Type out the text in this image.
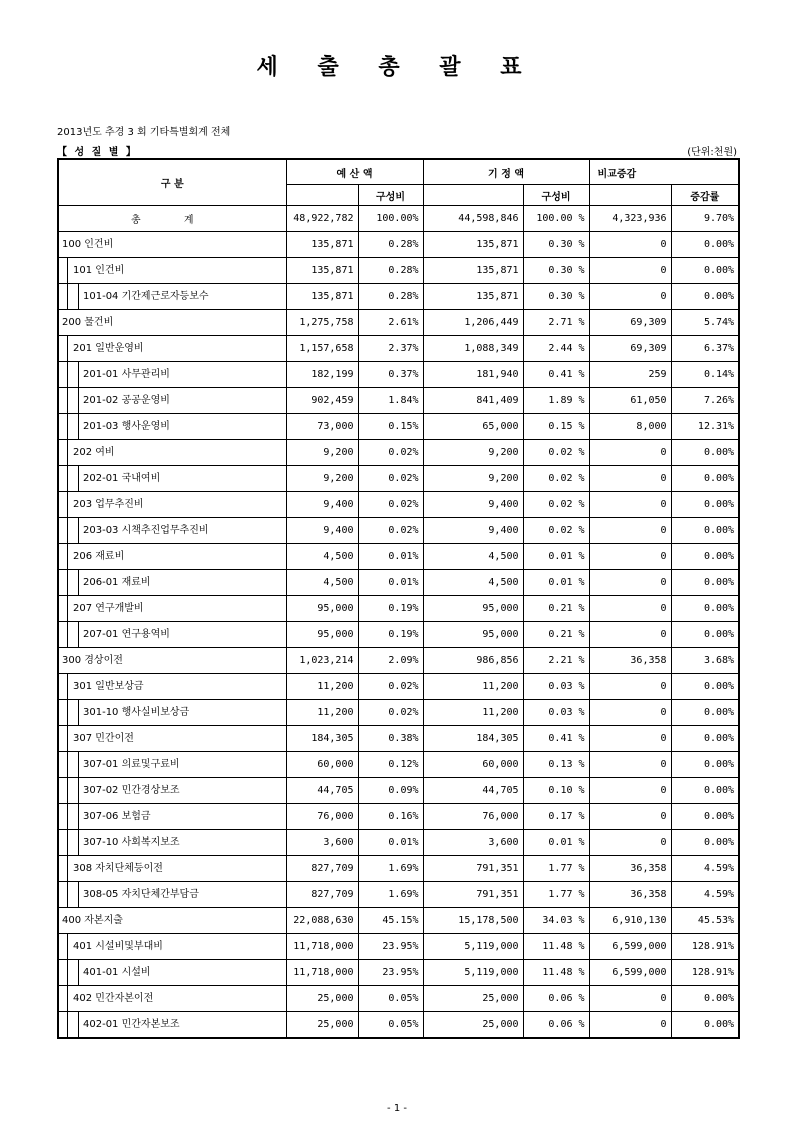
세 출 총 괄 표
2013년도 추경 3 회 기타특별회계 전체
【 성 질 별 】	(단위:천원)
구 분	예 산 액		기 정 액		비교증감	
		구성비		구성비		증감률
총 계	48,922,782	100.00%	44,598,846	100.00 %	4,323,936	9.70%

100 인건비	135,871	0.28%	135,871	0.30 %	0	0.00%

101 인건비	135,871	0.28%	135,871	0.30 %	0	0.00%

101-04 기간제근로자등보수	135,871	0.28%	135,871	0.30 %	0	0.00%

200 물건비	1,275,758	2.61%	1,206,449	2.71 %	69,309	5.74%

201 일반운영비	1,157,658	2.37%	1,088,349	2.44 %	69,309	6.37%

201-01 사무관리비	182,199	0.37%	181,940	0.41 %	259	0.14%

201-02 공공운영비	902,459	1.84%	841,409	1.89 %	61,050	7.26%

201-03 행사운영비	73,000	0.15%	65,000	0.15 %	8,000	12.31%

202 여비	9,200	0.02%	9,200	0.02 %	0	0.00%

202-01 국내여비	9,200	0.02%	9,200	0.02 %	0	0.00%

203 업무추진비	9,400	0.02%	9,400	0.02 %	0	0.00%

203-03 시책추진업무추진비	9,400	0.02%	9,400	0.02 %	0	0.00%

206 재료비	4,500	0.01%	4,500	0.01 %	0	0.00%

206-01 재료비	4,500	0.01%	4,500	0.01 %	0	0.00%

207 연구개발비	95,000	0.19%	95,000	0.21 %	0	0.00%

207-01 연구용역비	95,000	0.19%	95,000	0.21 %	0	0.00%

300 경상이전	1,023,214	2.09%	986,856	2.21 %	36,358	3.68%

301 일반보상금	11,200	0.02%	11,200	0.03 %	0	0.00%

301-10 행사실비보상금	11,200	0.02%	11,200	0.03 %	0	0.00%

307 민간이전	184,305	0.38%	184,305	0.41 %	0	0.00%

307-01 의료및구료비	60,000	0.12%	60,000	0.13 %	0	0.00%

307-02 민간경상보조	44,705	0.09%	44,705	0.10 %	0	0.00%

307-06 보험금	76,000	0.16%	76,000	0.17 %	0	0.00%

307-10 사회복지보조	3,600	0.01%	3,600	0.01 %	0	0.00%

308 자치단체등이전	827,709	1.69%	791,351	1.77 %	36,358	4.59%

308-05 자치단체간부담금	827,709	1.69%	791,351	1.77 %	36,358	4.59%

400 자본지출	22,088,630	45.15%	15,178,500	34.03 %	6,910,130	45.53%

401 시설비및부대비	11,718,000	23.95%	5,119,000	11.48 %	6,599,000	128.91%

401-01 시설비	11,718,000	23.95%	5,119,000	11.48 %	6,599,000	128.91%

402 민간자본이전	25,000	0.05%	25,000	0.06 %	0	0.00%

402-01 민간자본보조	25,000	0.05%	25,000	0.06 %	0	0.00%
- 1 -
